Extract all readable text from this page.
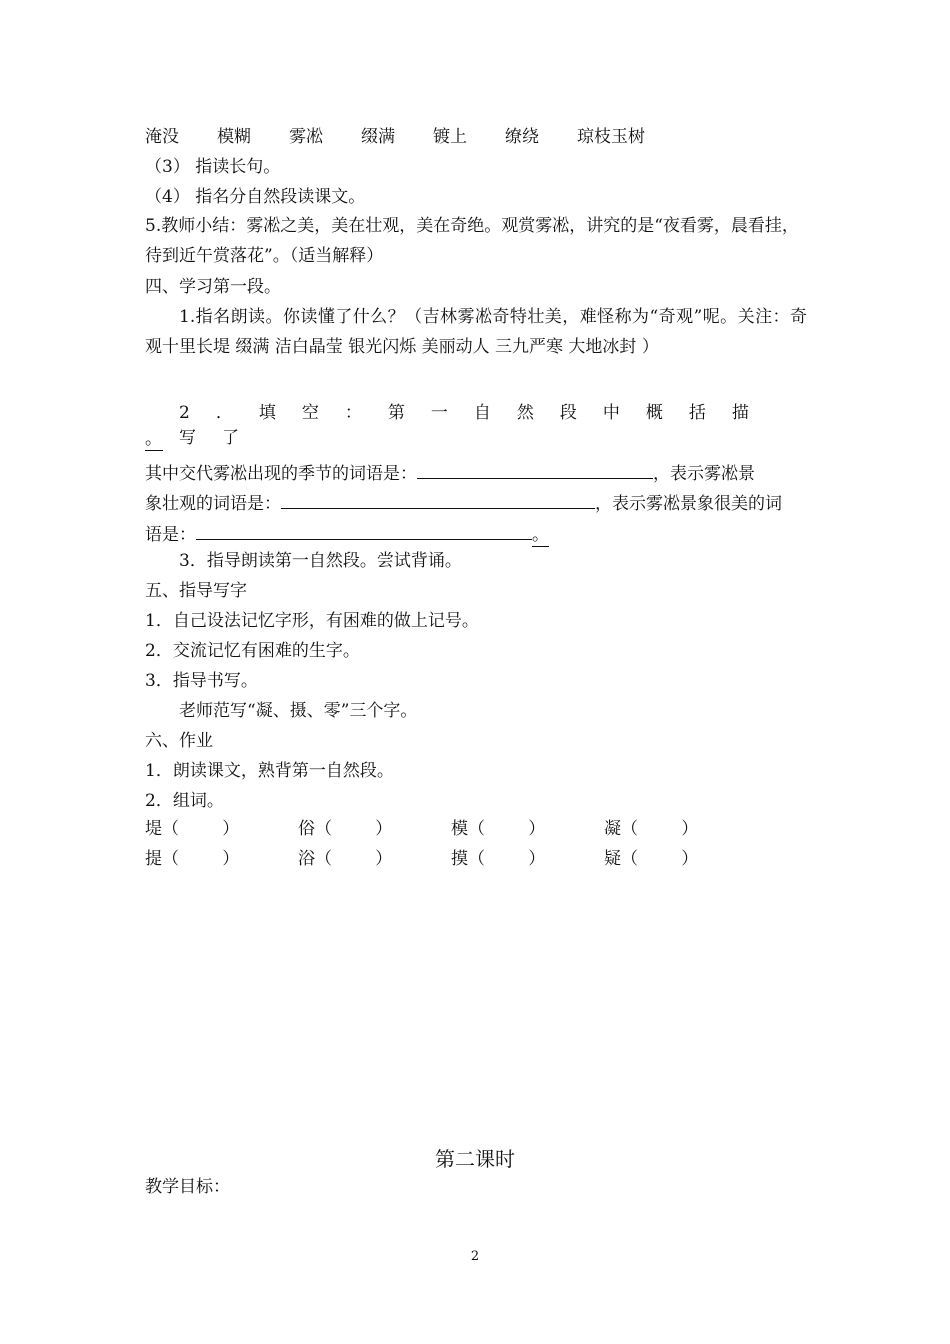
淹没 模糊 雾凇 缀满 镀上 缭绕 琼枝玉树
（3） 指读长句。
（4） 指名分自然段读课文。
5.教师小结：雾凇之美，美在壮观，美在奇绝。观赏雾凇，讲究的是“夜看雾，晨看挂，待到近午赏落花”。（适当解释）
四、学习第一段。
1.指名朗读。你读懂了什么？（吉林雾凇奇特壮美，难怪称为“奇观”呢。关注：奇观十里长堤 缀满 洁白晶莹 银光闪烁 美丽动人 三九严寒 大地冰封 ）
2．填空：第一自然段中概括描写了
。
其中交代雾凇出现的季节的词语是：	，表示雾凇景
象壮观的词语是：	，表示雾凇景象很美的词
语是：	。
3．指导朗读第一自然段。尝试背诵。
五、指导写字
1．自己设法记忆字形，有困难的做上记号。
2．交流记忆有困难的生字。
3．指导书写。
老师范写“凝、摄、零”三个字。
六、作业
1．朗读课文，熟背第一自然段。
2．组词。
堤（        ）	俗（        ）	模（        ）	凝（        ）
提（        ）	浴（        ）	摸（        ）	疑（        ）
第二课时
教学目标：
2
